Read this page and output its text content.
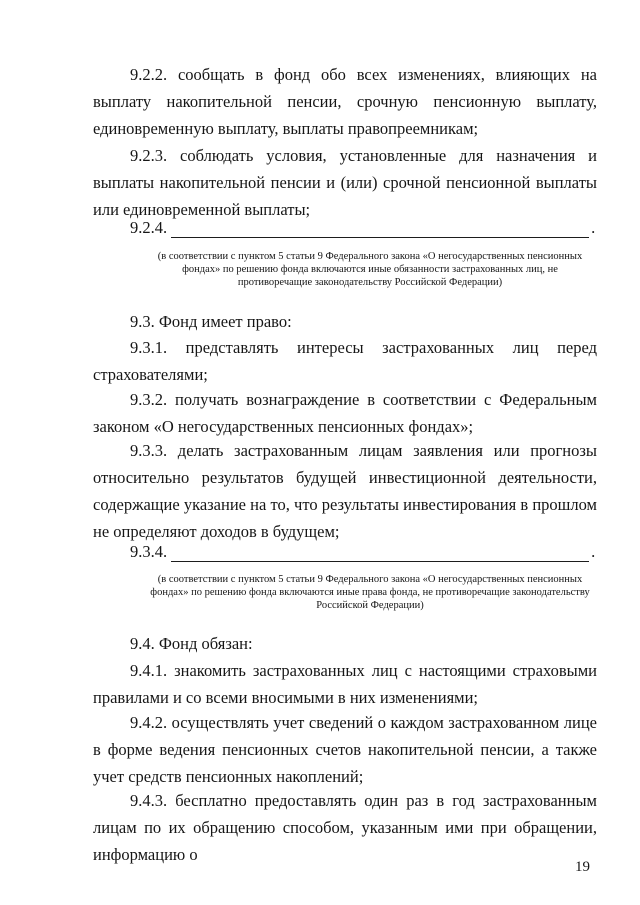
9.2.2. сообщать в фонд обо всех изменениях, влияющих на выплату накопительной пенсии, срочную пенсионную выплату, единовременную выплату, выплаты правопреемникам;

9.2.3. соблюдать условия, установленные для назначения и выплаты накопительной пенсии и (или) срочной пенсионной выплаты или единовременной выплаты;

9.2.4.	.

(в соответствии с пунктом 5 статьи 9 Федерального закона «О негосударственных пенсионных фондах» по решению фонда включаются иные обязанности застрахованных лиц, не противоречащие законодательству Российской Федерации)

9.3. Фонд имеет право:

9.3.1. представлять интересы застрахованных лиц перед страхователями;

9.3.2. получать вознаграждение в соответствии с Федеральным законом «О негосударственных пенсионных фондах»;

9.3.3. делать застрахованным лицам заявления или прогнозы относительно результатов будущей инвестиционной деятельности, содержащие указание на то, что результаты инвестирования в прошлом не определяют доходов в будущем;

9.3.4.	.

(в соответствии с пунктом 5 статьи 9 Федерального закона «О негосударственных пенсионных фондах» по решению фонда включаются иные права фонда, не противоречащие законодательству Российской Федерации)

9.4. Фонд обязан:

9.4.1. знакомить застрахованных лиц с настоящими страховыми правилами и со всеми вносимыми в них изменениями;

9.4.2. осуществлять учет сведений о каждом застрахованном лице в форме ведения пенсионных счетов накопительной пенсии, а также учет средств пенсионных накоплений;

9.4.3. бесплатно предоставлять один раз в год застрахованным лицам по их обращению способом, указанным ими при обращении, информацию о

19
